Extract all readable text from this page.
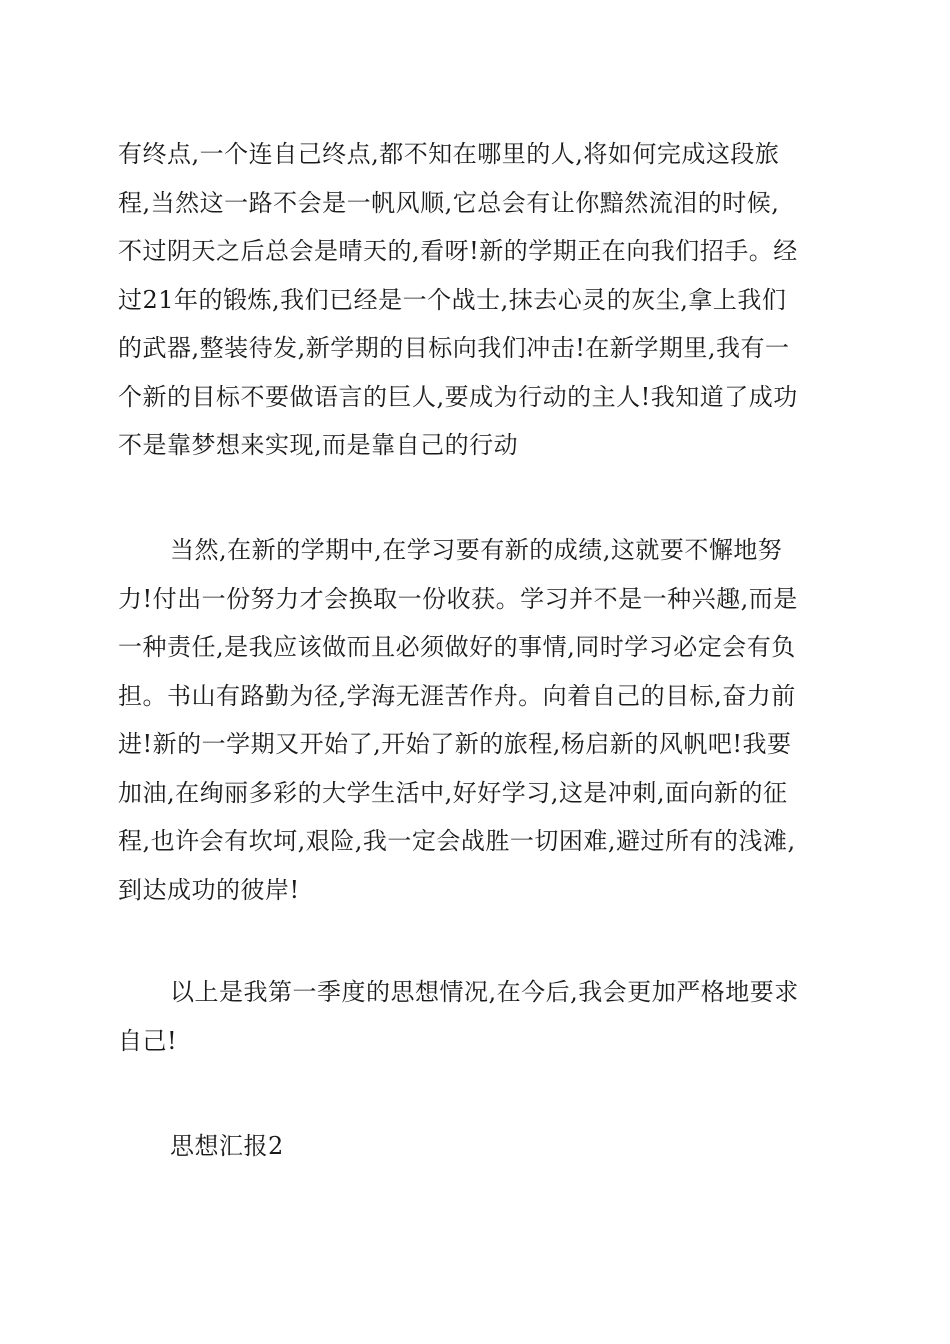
有终点,一个连自己终点,都不知在哪里的人,将如何完成这段旅
程,当然这一路不会是一帆风顺,它总会有让你黯然流泪的时候,
不过阴天之后总会是晴天的,看呀!新的学期正在向我们招手。经
过21年的锻炼,我们已经是一个战士,抹去心灵的灰尘,拿上我们
的武器,整装待发,新学期的目标向我们冲击!在新学期里,我有一
个新的目标不要做语言的巨人,要成为行动的主人!我知道了成功
不是靠梦想来实现,而是靠自己的行动
当然,在新的学期中,在学习要有新的成绩,这就要不懈地努
力!付出一份努力才会换取一份收获。学习并不是一种兴趣,而是
一种责任,是我应该做而且必须做好的事情,同时学习必定会有负
担。书山有路勤为径,学海无涯苦作舟。向着自己的目标,奋力前
进!新的一学期又开始了,开始了新的旅程,杨启新的风帆吧!我要
加油,在绚丽多彩的大学生活中,好好学习,这是冲刺,面向新的征
程,也许会有坎坷,艰险,我一定会战胜一切困难,避过所有的浅滩,
到达成功的彼岸!
以上是我第一季度的思想情况,在今后,我会更加严格地要求
自己!
思想汇报2
